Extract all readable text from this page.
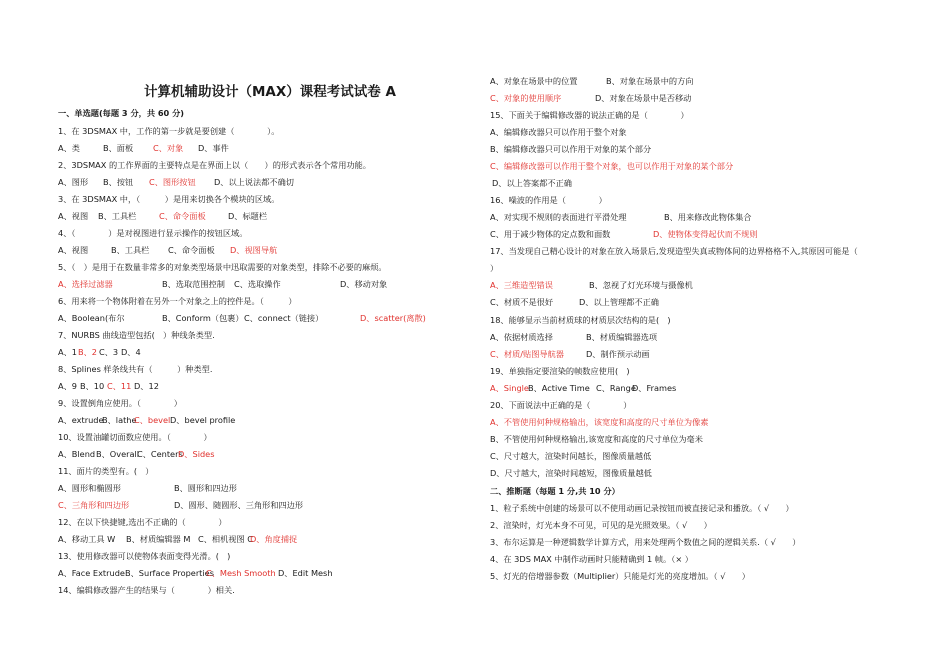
计算机辅助设计（MAX）课程考试试卷 A
一、单选题(每题 3 分，共 60 分)
1、在 3DSMAX 中，工作的第一步就是要创建（　　　　）。
A、类	B、面板 C、对象 D、事件
2、3DSMAX 的工作界面的主要特点是在界面上以（　　）的形式表示各个常用功能。
A、图形 B、按钮 C、图形按钮 D、以上说法都不确切
3、在 3DSMAX 中，（　　　）是用来切换各个模块的区域。
A、视图 B、工具栏	C、命令面板	D、标题栏
4、（　　　　）是对视图进行显示操作的按钮区域。
A、视图	B、工具栏 C、命令面板 D、视图导航
5、（　）是用于在数量非常多的对象类型场景中迅取需要的对象类型，排除不必要的麻烦。
A、选择过滤器	B、选取范围控制 C、选取操作	D、移动对象
6、用来将一个物体附着在另外一个对象之上的控件是。（　　　）
A、Boolean(布尔	B、Conform（包裹） C、connect（链接）	D、scatter(离散)
7、NURBS 曲线造型包括(　）种线条类型.
A、1 B、2 C、3 D、4
8、Splines 样条线共有（　　　）种类型.
A、9 B、10 C、11 D、12
9、设置倒角应使用。（　　　　）
A、extrude
B、lathe
C、bevel D、bevel profile
10、设置油罐切面数应使用。（　　　　）
A、Blend B、Overall
C、Centers
D、Sides
11、面片的类型有。(　）
A、圆形和椭圆形	B、圆形和四边形
C、三角形和四边形	D、圆形、随圆形、三角形和四边形
12、在以下快捷键,选出不正确的（　　　　）
A、移动工具 W B、材质编辑器 M C、相机视图 C
D、角度捕捉
13、使用修改器可以使物体表面变得光滑。(　)
A、Face Extrude B、Surface Properties
C、Mesh Smooth D、Edit Mesh
14、编辑修改器产生的结果与（　　　　）相关.
A、对象在场景中的位置	B、对象在场景中的方向
C、对象的使用顺序	D、对象在场景中是否移动
15、下面关于编辑修改器的说法正确的是（　　　　）
A、编辑修改器只可以作用于整个对象
B、编辑修改器只可以作用于对象的某个部分
C、编辑修改器可以作用于整个对象，也可以作用于对象的某个部分
D、以上答案都不正确
16、噪波的作用是（　　　　）
A、对实现不规则的表面进行平滑处理	B、用来修改此物体集合
C、用于减少物体的定点数和面数	D、使物体变得起伏而不规则
17、当发现自己精心设计的对象在放入场景后,发现造型失真或物体间的边界格格不入,其原因可能是（
）
A、三维造型错误	B、忽视了灯光环境与摄像机
C、材质不是很好	D、以上管理都不正确
18、能够显示当前材质球的材质层次结构的是(　)
A、依据材质选择	B、材质编辑器选项
C、材质/贴图导航器	D、制作预示动画
19、单独指定要渲染的帧数应使用(　)
A、Single B、Active Time C、Range
D、Frames
20、下面说法中正确的是（　　　　）
A、不管使用何种规格输出，该宽度和高度的尺寸单位为像素
B、不管使用何种规格输出,该宽度和高度的尺寸单位为毫米
C、尺寸越大，渲染时间越长，图像质量越低
D、尺寸越大，渲染时间越短，图像质量越低
二、推断题（每题 1 分,共 10 分）
1、粒子系统中创建的场景可以不使用动画记录按钮而被直接记录和播放。（ √　　）
2、渲染时，灯光本身不可见，可见的是光照效果。（ √　　）
3、布尔运算是一种逻辑数学计算方式，用来处理两个数值之间的逻辑关系.（ √　　）
4、在 3DS MAX 中制作动画时只能精确到 1 帧。（× ）
5、灯光的倍增器参数（Multiplier）只能是灯光的亮度增加。（ √　　）
